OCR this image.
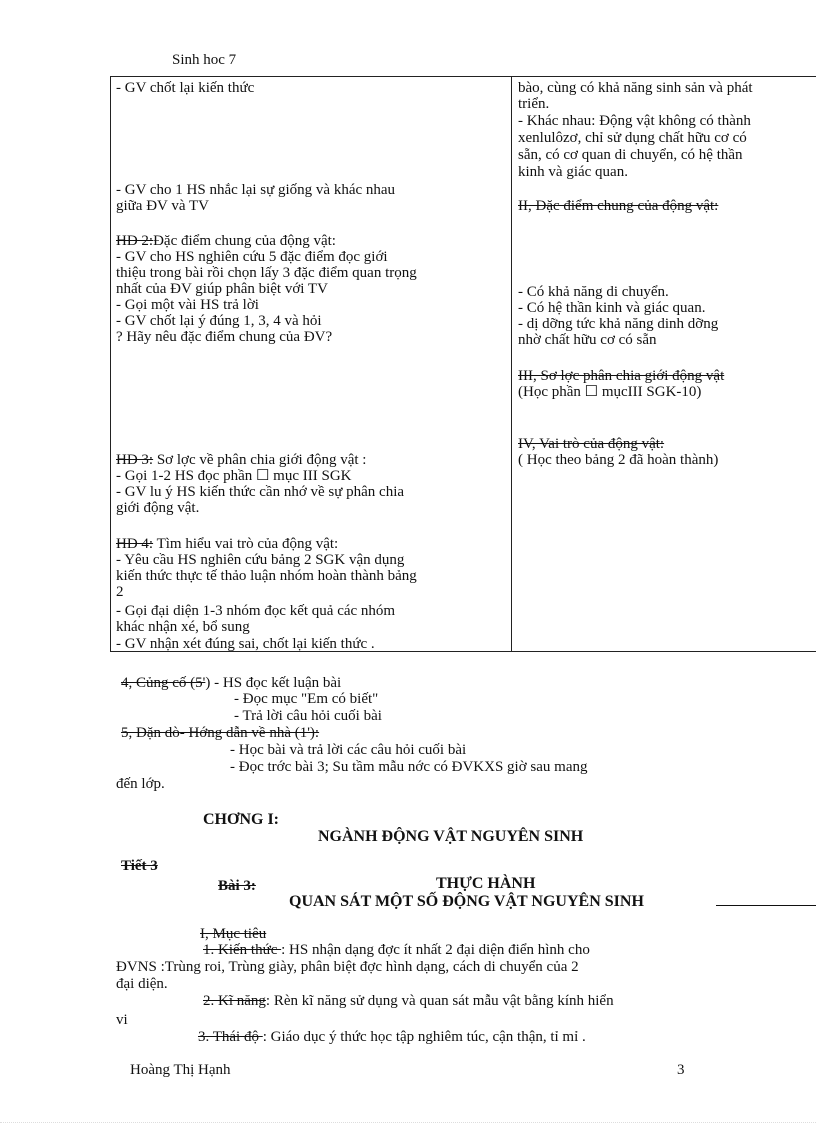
Sinh hoc 7
- GV chốt lại kiến thức
- GV cho 1 HS nhắc lại sự giống và khác nhau
giữa ĐV và TV
HĐ 2:Đặc điểm chung của động vật:
- GV cho HS nghiên cứu 5 đặc điểm đọc giới
thiệu trong bài rồi chọn lấy 3 đặc điểm quan trọng
nhất của ĐV giúp phân biệt với TV
- Gọi một vài HS trả lời
- GV chốt lại ý đúng 1, 3, 4 và hỏi
? Hãy nêu đặc điểm chung của ĐV?
HĐ 3: Sơ lợc về phân chia giới động vật :
- Gọi 1-2 HS đọc phần ☐ mục III SGK
- GV lu ý HS kiến thức cần nhớ về sự phân chia
giới động vật.
HĐ 4: Tìm hiểu vai trò của động vật:
- Yêu cầu HS nghiên cứu bảng 2 SGK vận dụng
kiến thức thực tế thảo luận nhóm hoàn thành bảng
2
- Gọi đại diện 1-3 nhóm đọc kết quả các nhóm
khác nhận xé, bổ sung
- GV nhận xét đúng sai, chốt lại kiến thức .
bào, cùng có khả năng sinh sản và phát
triển.
- Khác nhau: Động vật không có thành
xenlulôzơ, chỉ sử dụng chất hữu cơ có
sẵn, có cơ quan di chuyển, có hệ thần
kinh và giác quan.
II, Đặc điểm chung của động vật:
- Có khả năng di chuyển.
- Có hệ thần kinh và giác quan.
- dị dỡng tức khả năng dinh dỡng
nhờ chất hữu cơ có sẵn
III, Sơ lợc phân chia giới động vật
(Học phần ☐ mụcIII SGK-10)
IV, Vai trò của động vật:
( Học theo bảng 2 đã hoàn thành)
4, Củng cố (5') - HS đọc kết luận bài
- Đọc mục "Em có biết"
- Trả lời câu hỏi cuối bài
5, Dặn dò- Hớng dẫn về nhà (1'):
- Học bài và trả lời các câu hỏi cuối bài
- Đọc trớc bài 3; Su tầm mẫu nớc có ĐVKXS giờ sau mang
đến lớp.
CHƠNG I:
NGÀNH ĐỘNG VẬT NGUYÊN SINH
Tiết 3
Bài 3:	THỰC HÀNH
QUAN SÁT MỘT SỐ ĐỘNG VẬT NGUYÊN SINH
I, Mục tiêu
1. Kiến thức : HS nhận dạng đợc ít nhất 2 đại diện điển hình cho
ĐVNS :Trùng roi, Trùng giày, phân biệt đợc hình dạng, cách di chuyển của 2
đại diện.
2. Kĩ năng: Rèn kĩ năng sử dụng và quan sát mẫu vật bằng kính hiển
vi
3. Thái độ : Giáo dục ý thức học tập nghiêm túc, cận thận, tỉ mỉ .
Hoàng Thị Hạnh	3
